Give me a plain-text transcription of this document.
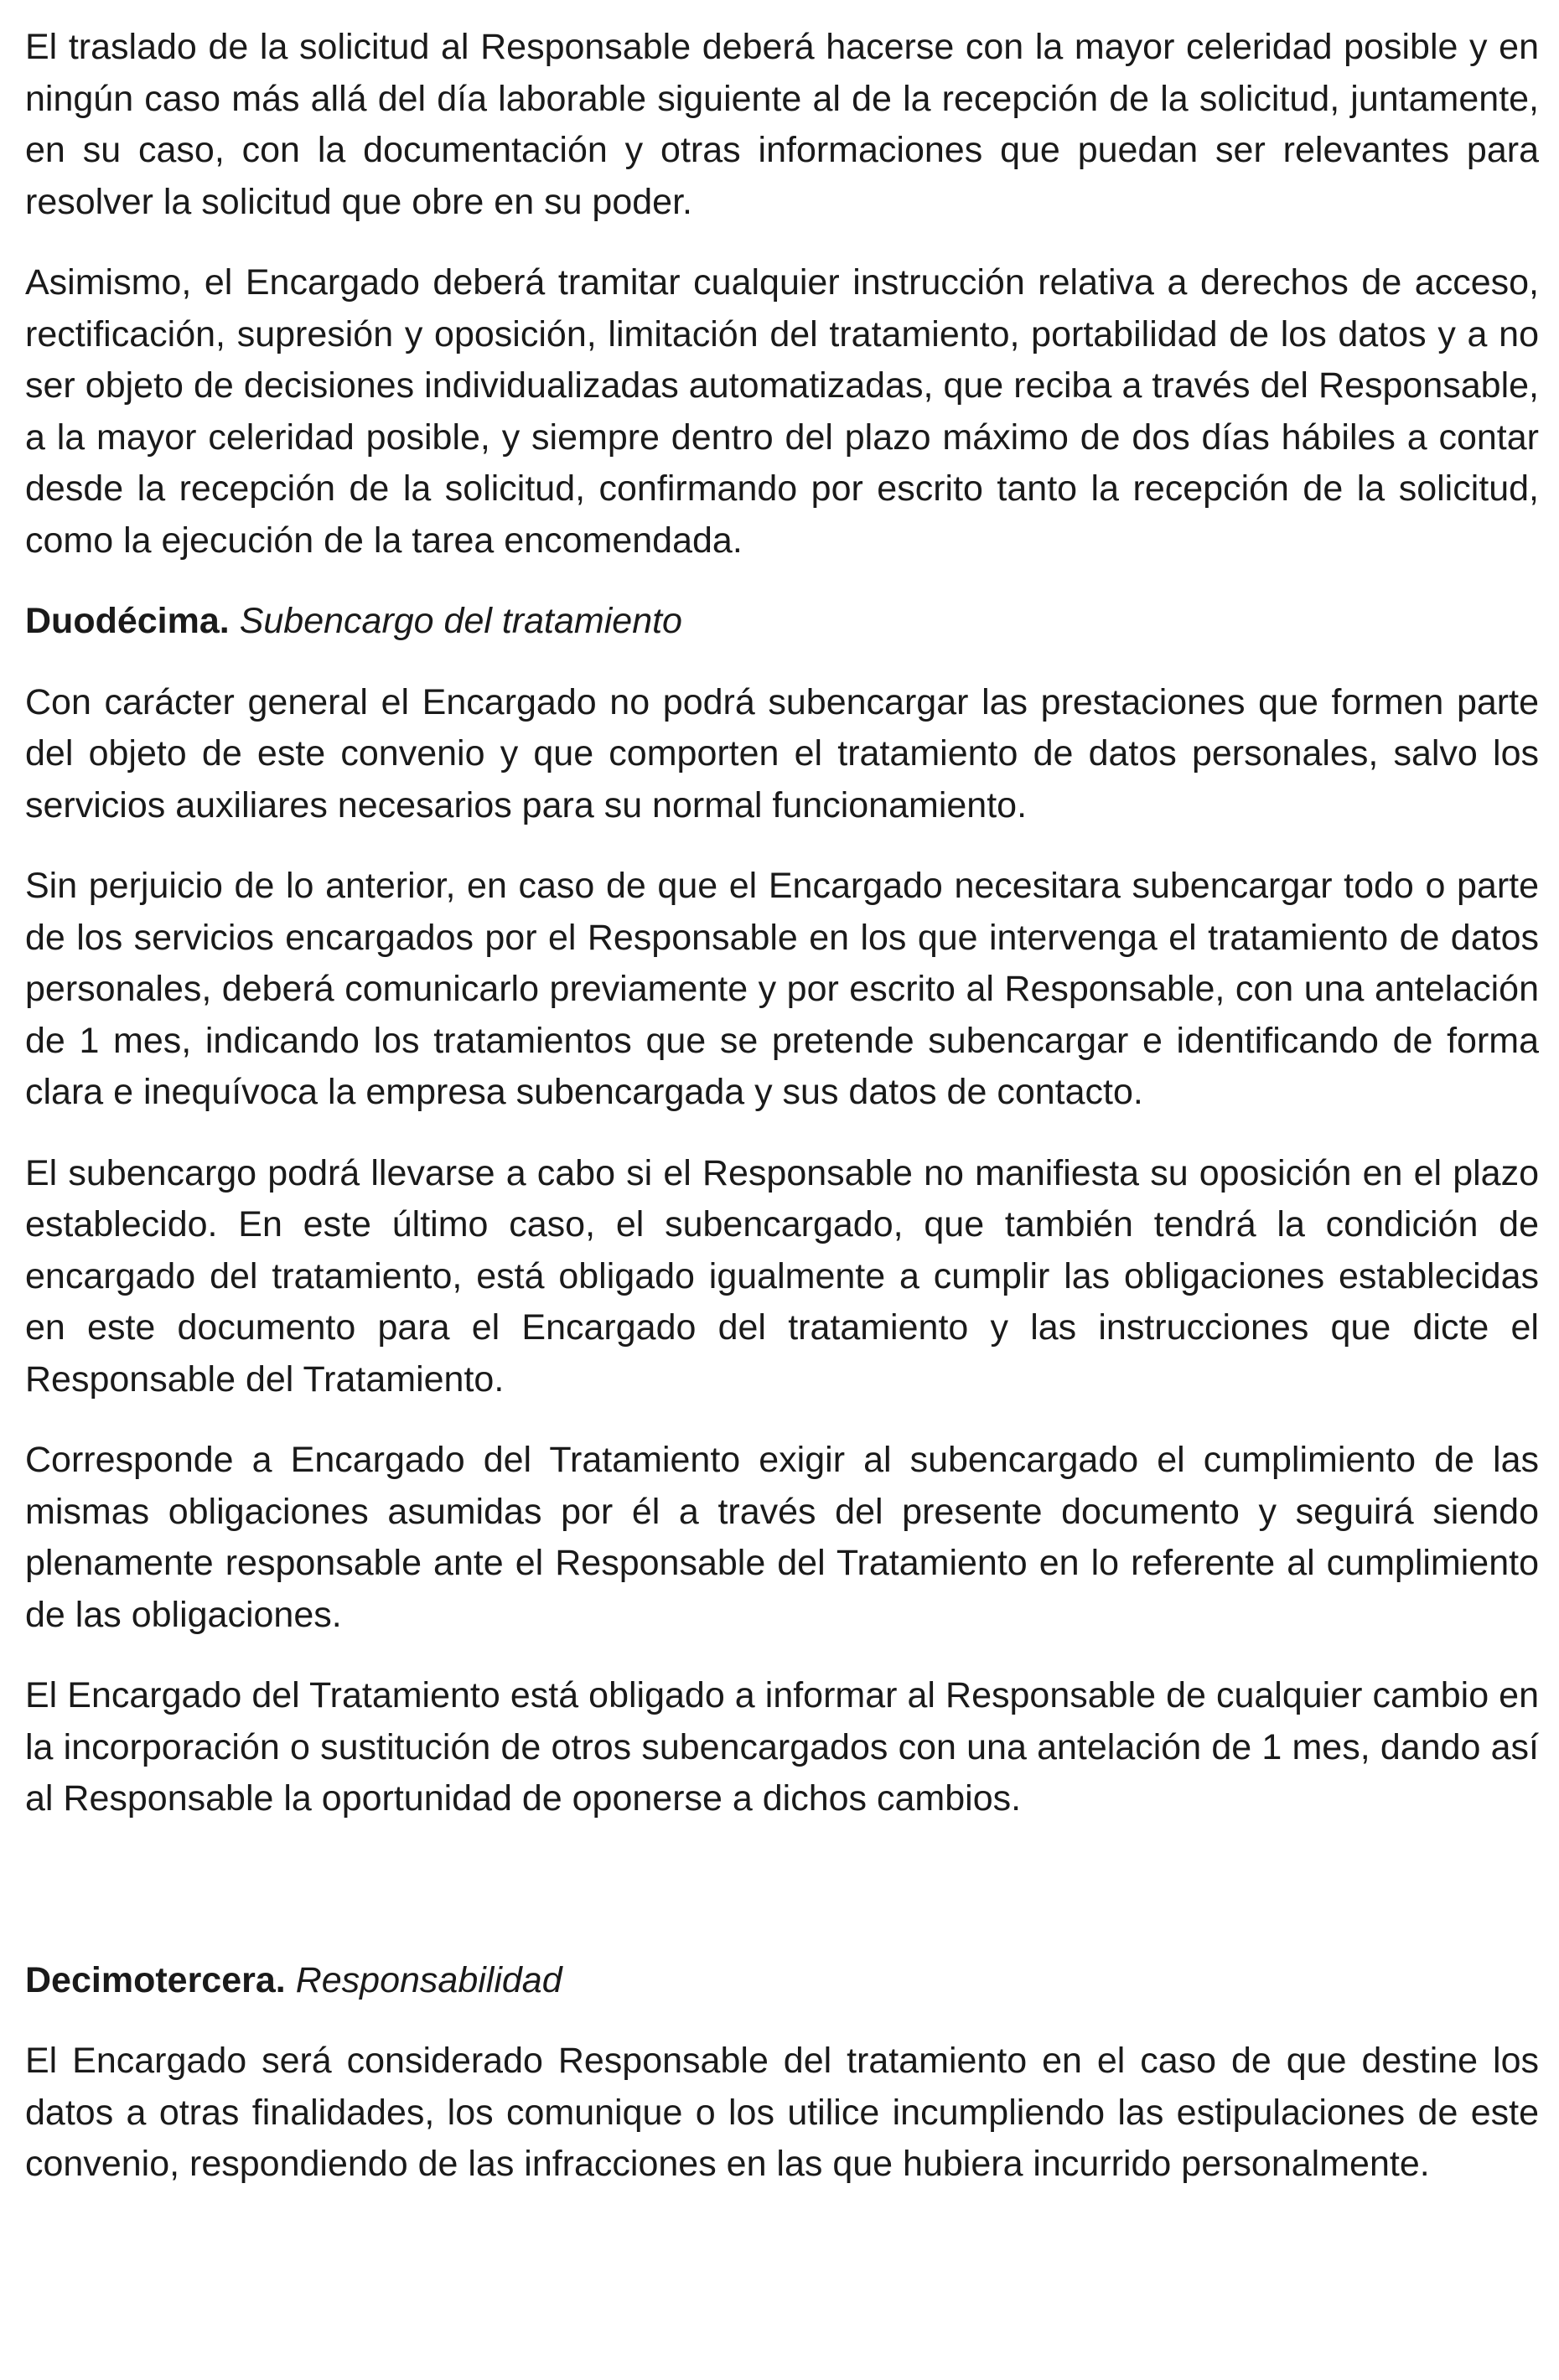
El traslado de la solicitud al Responsable deberá hacerse con la mayor celeridad posible y en ningún caso más allá del día laborable siguiente al de la recepción de la solicitud, juntamente, en su caso, con la documentación y otras informaciones que puedan ser relevantes para resolver la solicitud que obre en su poder.

Asimismo, el Encargado deberá tramitar cualquier instrucción relativa a derechos de acceso, rectificación, supresión y oposición, limitación del tratamiento, portabilidad de los datos y a no ser objeto de decisiones individualizadas automatizadas, que reciba a través del Responsable, a la mayor celeridad posible, y siempre dentro del plazo máximo de dos días hábiles a contar desde la recepción de la solicitud, confirmando por escrito tanto la recepción de la solicitud, como la ejecución de la tarea encomendada.

Duodécima. Subencargo del tratamiento

Con carácter general el Encargado no podrá subencargar las prestaciones que formen parte del objeto de este convenio y que comporten el tratamiento de datos personales, salvo los servicios auxiliares necesarios para su normal funcionamiento.

Sin perjuicio de lo anterior, en caso de que el Encargado necesitara subencargar todo o parte de los servicios encargados por el Responsable en los que intervenga el tratamiento de datos personales, deberá comunicarlo previamente y por escrito al Responsable, con una antelación de 1 mes, indicando los tratamientos que se pretende subencargar e identificando de forma clara e inequívoca la empresa subencargada y sus datos de contacto.

El subencargo podrá llevarse a cabo si el Responsable no manifiesta su oposición en el plazo establecido. En este último caso, el subencargado, que también tendrá la condición de encargado del tratamiento, está obligado igualmente a cumplir las obligaciones establecidas en este documento para el Encargado del tratamiento y las instrucciones que dicte el Responsable del Tratamiento.

Corresponde a Encargado del Tratamiento exigir al subencargado el cumplimiento de las mismas obligaciones asumidas por él a través del presente documento y seguirá siendo plenamente responsable ante el Responsable del Tratamiento en lo referente al cumplimiento de las obligaciones.

El Encargado del Tratamiento está obligado a informar al Responsable de cualquier cambio en la incorporación o sustitución de otros subencargados con una antelación de 1 mes, dando así al Responsable la oportunidad de oponerse a dichos cambios.

Decimotercera. Responsabilidad

El Encargado será considerado Responsable del tratamiento en el caso de que destine los datos a otras finalidades, los comunique o los utilice incumpliendo las estipulaciones de este convenio, respondiendo de las infracciones en las que hubiera incurrido personalmente.
